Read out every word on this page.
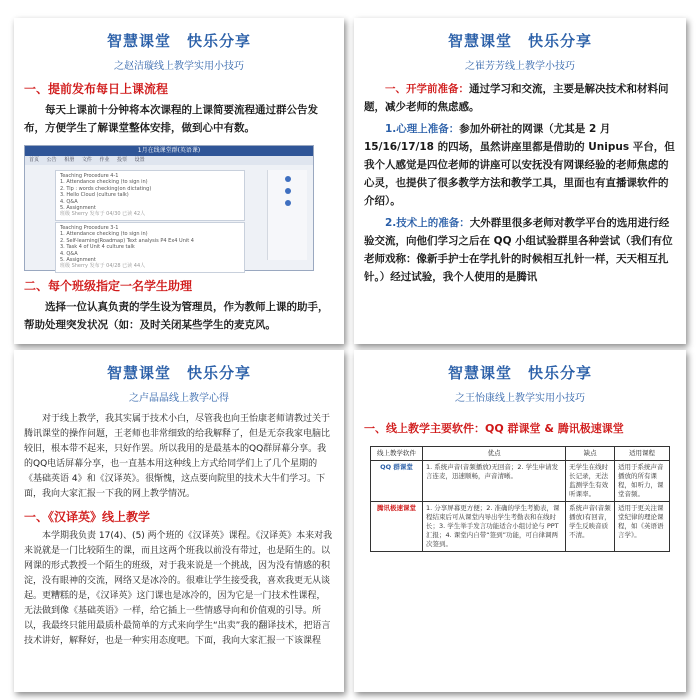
智慧课堂　快乐分享
之赵洁璇线上教学实用小技巧
一、提前发布每日上课流程
每天上课前十分钟将本次课程的上课简要流程通过群公告发布，方便学生了解课堂整体安排，做到心中有数。
1月在线课堂群(英语课)
首页 公告 相册 文件 作业 投票 设置
Teaching Procedure 4-1
1. Attendance checking (to sign in)
2. Tip : words checking(on dictating)
3. Hello Cloud (culture talk)
4. Q&A
5. Assignment
班级 Sherry 发布于 04/30 已读 42人
Teaching Procedure 3-1
1. Attendance checking (to sign in)
2. Self-learning(Roadmap) Text analysis P4 Ex4 Unit 4
3. Task 4 of Unit 4 culture talk
4. Q&A
5. Assignment
班级 Sherry 发布于 04/28 已读 44人
二、每个班级指定一名学生助理
选择一位认真负责的学生设为管理员，作为教师上课的助手，帮助处理突发状况（如：及时关闭某些学生的麦克风。
智慧课堂　快乐分享
之崔芳芳线上教学小技巧

一、开学前准备：通过学习和交流，主要是解决技术和材料问题，减少老师的焦虑感。

1.心理上准备：参加外研社的网课（尤其是 2 月 15/16/17/18 的四场，虽然讲座里都是借助的 Unipus 平台，但我个人感觉是四位老师的讲座可以安抚没有网课经验的老师焦虑的心灵，也提供了很多教学方法和教学工具，里面也有直播课软件的介绍）。

2.技术上的准备：大外群里很多老师对教学平台的选用进行经验交流，向他们学习之后在 QQ 小组试验群里各种尝试（我们有位老师戏称：像新手护士在学扎针的时候相互扎针一样，天天相互扎针。）经过试验，我个人使用的是腾讯

智慧课堂　快乐分享
之卢晶晶线上教学心得
对于线上教学，我其实属于技术小白，尽管我也向王怡康老师请教过关于腾讯课堂的操作问题，王老师也非常细致的给我解释了，但是无奈我家电脑比较旧，根本带不起来，只好作罢。所以我用的是最基本的QQ群屏幕分享。我的QQ电话屏幕分享，也一直基本用这种线上方式给同学们上了几个星期的《基础英语 4》和《汉译英》。很惭愧，这点要向院里的技术大牛们学习。下面，我向大家汇报一下我的网上教学情况。
一、《汉译英》线上教学
本学期我负责 17(4)、(5) 两个班的《汉译英》课程。《汉译英》本来对我来说就是一门比较陌生的课，而且这两个班我以前没有带过，也是陌生的。以网课的形式教授一个陌生的班级，对于我来说是一个挑战，因为没有情感的积淀，没有眼神的交流，网络又是冰冷的。很难让学生接受我，喜欢我更无从谈起。更糟糕的是，《汉译英》这门课也是冰冷的，因为它是一门技术性课程，无法做到像《基础英语》一样，给它插上一些情感导向和价值观的引导。所以，我最终只能用最质朴最简单的方式来向学生“出卖”我的翻译技术，把语言技术讲好，解释好，也是一种实用态度吧。下面，我向大家汇报一下该课程
智慧课堂　快乐分享
之王怡康线上教学实用小技巧
一、线上教学主要软件：QQ 群课堂 & 腾讯极速课堂
线上教学软件	优点	缺点	适用课程
QQ 群课堂	1. 系统声音(音频播放)无回音；2. 学生申请发言连麦，迅速顺畅，声音清晰。	无学生在线时长记录，无法监测学生有效听课率。	适用于系统声音播放的所有课程，如听力，课堂音频。
腾讯极速课堂	1. 分享屏幕更方便；2. 准确的学生考勤表，课程结束后可从课堂内导出学生考勤表和在线时长；3. 学生举手发言功能适合小组讨论与 PPT 汇报；4. 课堂内自带“签到”功能，可自律调两次签到。	系统声音(音频播放)有回音，学生反映音质不清。	适用于更关注课堂纪律的理论课程，如《英语语言学》。
